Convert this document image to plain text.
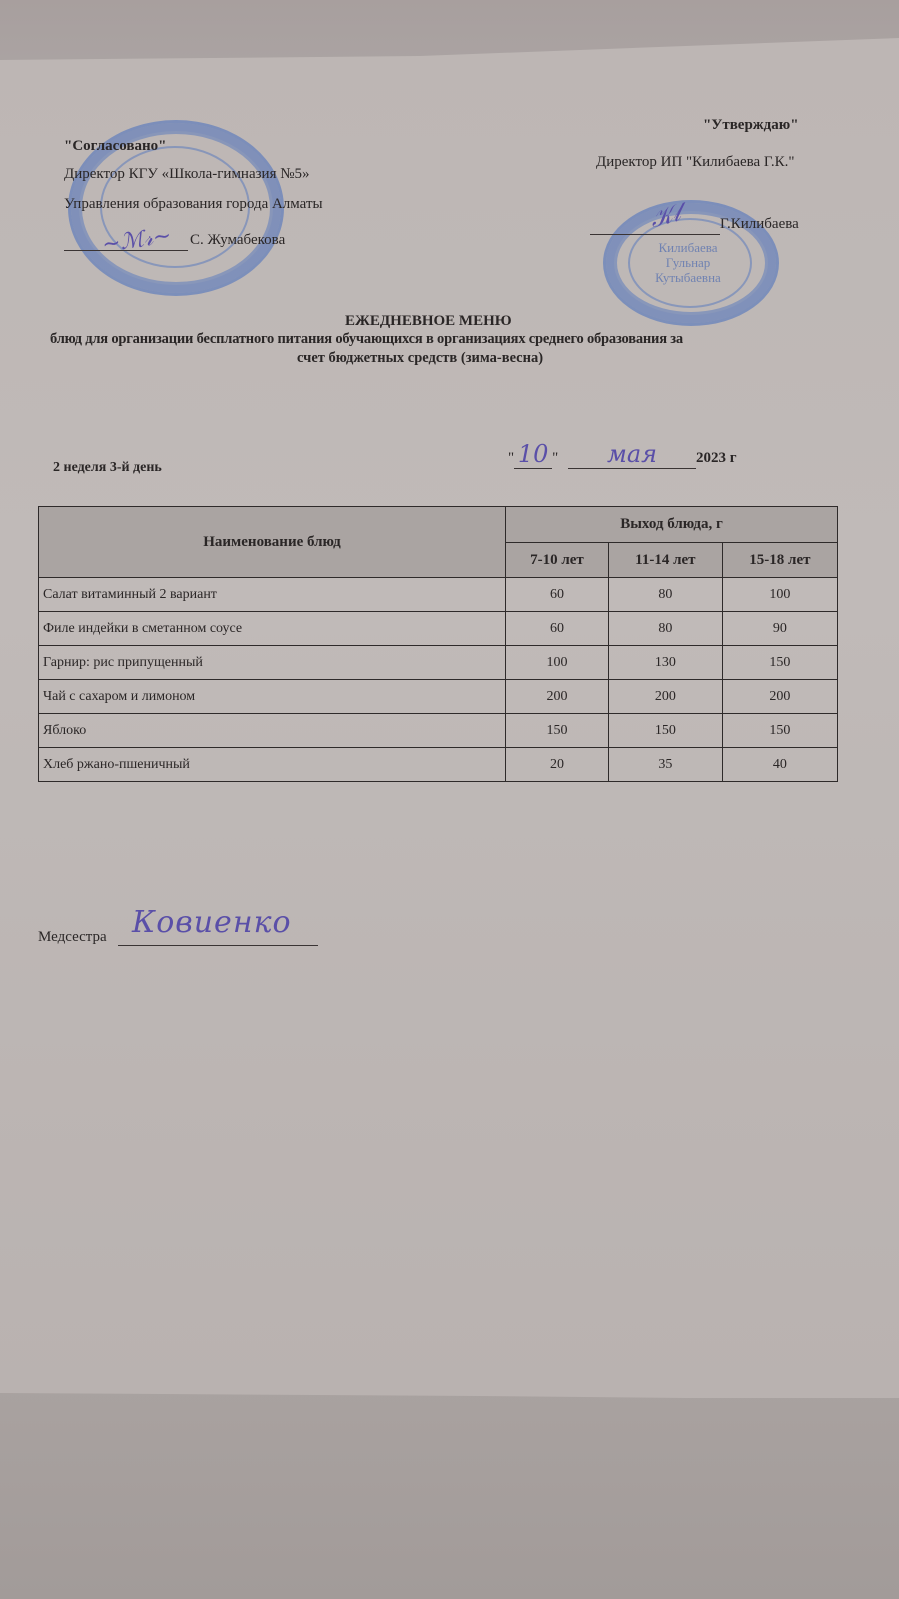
"Согласовано"
Директор КГУ «Школа-гимназия №5»
Управления образования города Алматы
~ℳ𝓇~ С. Жумабекова
"Утверждаю"
Директор ИП "Килибаева Г.К."
Килибаева
Гульнар
Кутыбаевна
𝒦𝓁 Г.Килибаева
ЕЖЕДНЕВНОЕ МЕНЮ
блюд для организации бесплатного питания обучающихся в организациях среднего образования за
счет бюджетных средств (зима-весна)
2 неделя 3-й день
" 10 " мая	2023 г
Наименование блюд	Выход блюда, г		
	7-10 лет	11-14 лет	15-18 лет
Салат витаминный 2 вариант	60	80	100
Филе индейки в сметанном соусе	60	80	90
Гарнир: рис припущенный	100	130	150
Чай с сахаром и лимоном	200	200	200
Яблоко	150	150	150
Хлеб ржано-пшеничный	20	35	40
Медсестра Ковиенко
